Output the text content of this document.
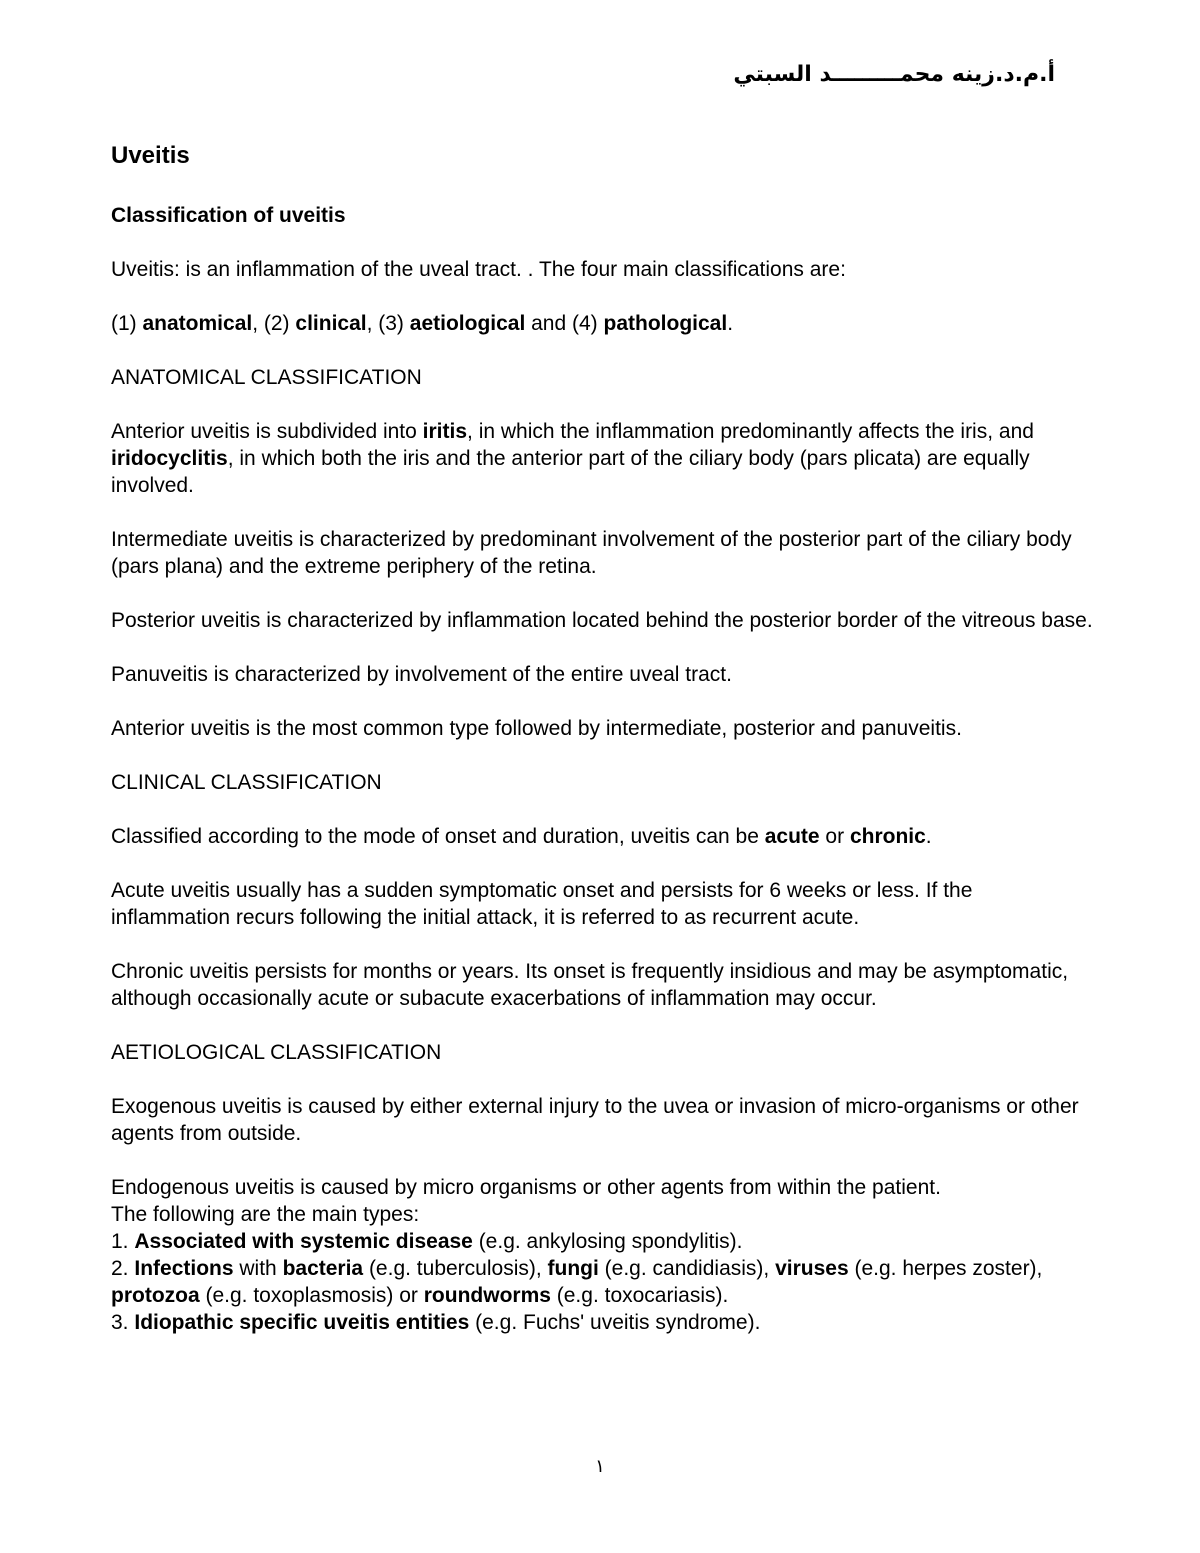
أ.م.د.زينه محمـــــــــد السبتي
Uveitis
Classification of uveitis
Uveitis: is an inflammation of the uveal tract. . The four main classifications are:
(1) anatomical, (2) clinical, (3) aetiological and (4) pathological.
ANATOMICAL CLASSIFICATION
Anterior uveitis is subdivided into iritis, in which the inflammation predominantly affects the iris, and iridocyclitis, in which both the iris and the anterior part of the ciliary body (pars plicata) are equally involved.
Intermediate uveitis is characterized by predominant involvement of the posterior part of the ciliary body (pars plana) and the extreme periphery of the retina.
Posterior uveitis is characterized by inflammation located behind the posterior border of the vitreous base.
Panuveitis is characterized by involvement of the entire uveal tract.
Anterior uveitis is the most common type followed by intermediate, posterior and panuveitis.
CLINICAL CLASSIFICATION
Classified according to the mode of onset and duration, uveitis can be acute or chronic.
Acute uveitis usually has a sudden symptomatic onset and persists for 6 weeks or less. If the inflammation recurs following the initial attack, it is referred to as recurrent acute.
Chronic uveitis persists for months or years. Its onset is frequently insidious and may be asymptomatic, although occasionally acute or subacute exacerbations of inflammation may occur.
AETIOLOGICAL CLASSIFICATION
Exogenous uveitis is caused by either external injury to the uvea or invasion of micro-organisms or other agents from outside.
Endogenous uveitis is caused by micro organisms or other agents from within the patient.
The following are the main types:
1. Associated with systemic disease (e.g. ankylosing spondylitis).
2. Infections with bacteria (e.g. tuberculosis), fungi (e.g. candidiasis), viruses (e.g. herpes zoster), protozoa (e.g. toxoplasmosis) or roundworms (e.g. toxocariasis).
3. Idiopathic specific uveitis entities (e.g. Fuchs' uveitis syndrome).
١
